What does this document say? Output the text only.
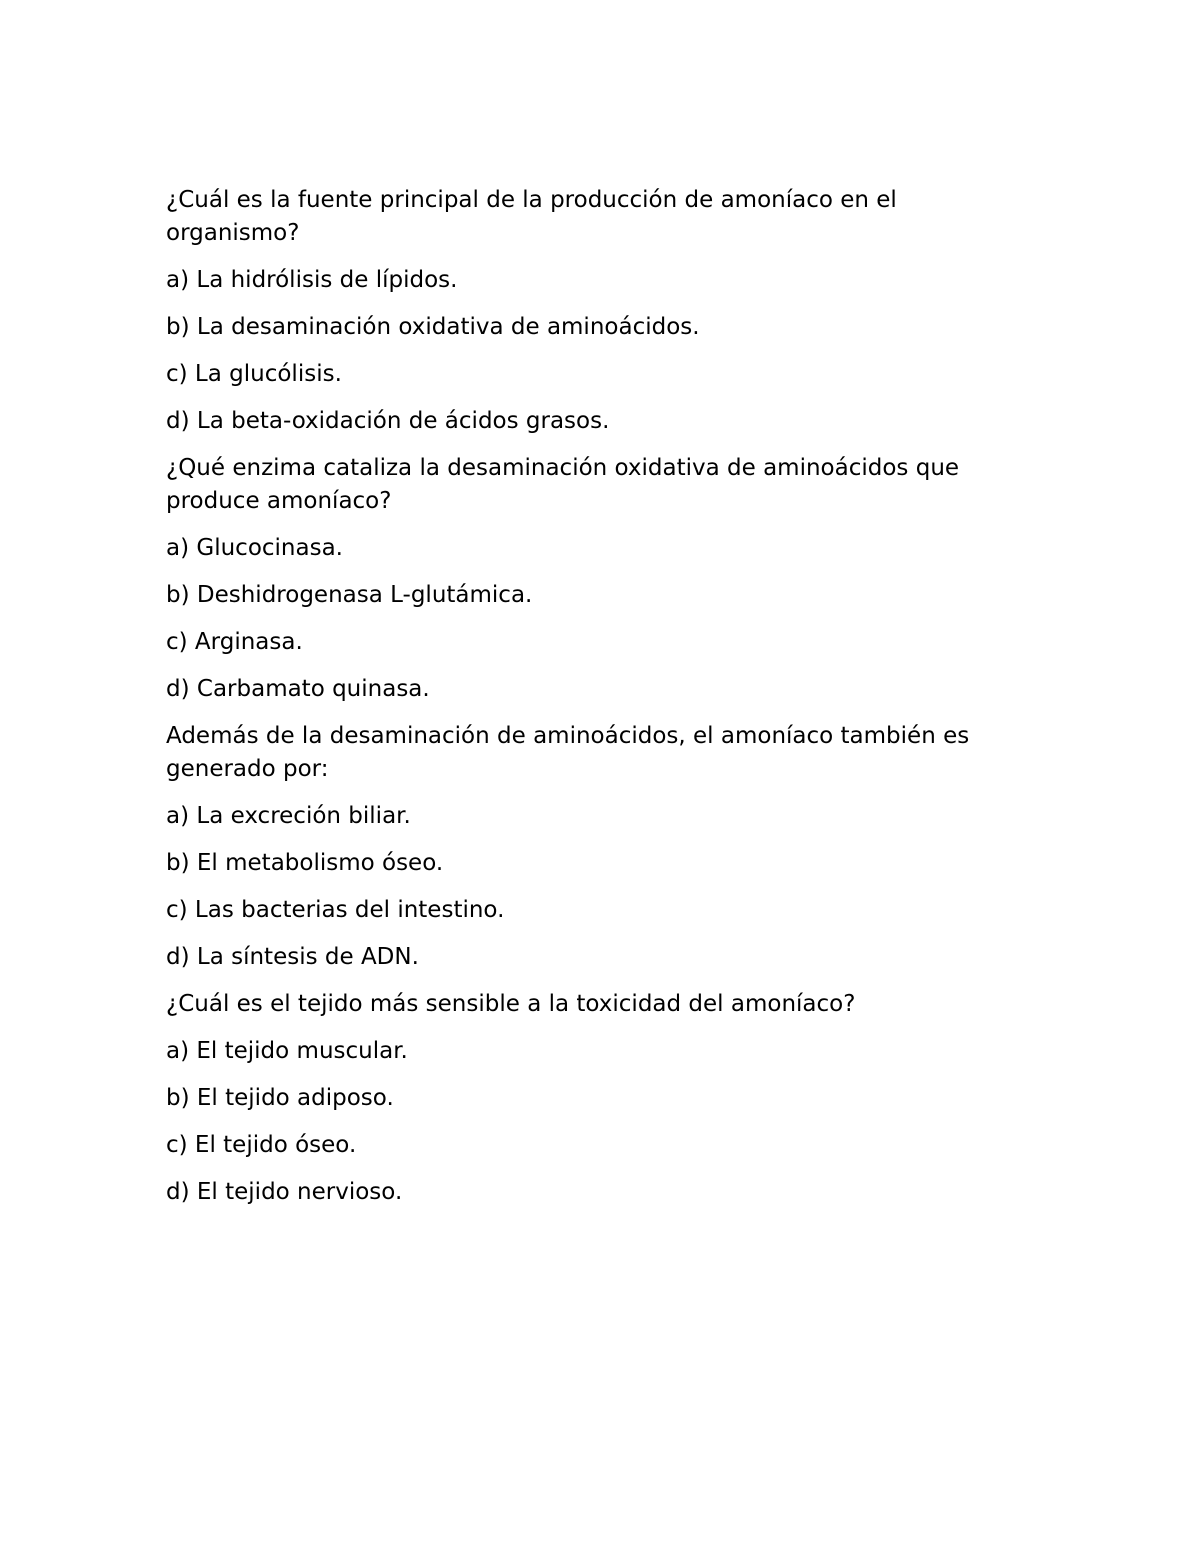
¿Cuál es la fuente principal de la producción de amoníaco en el organismo?

a) La hidrólisis de lípidos.

b) La desaminación oxidativa de aminoácidos.

c) La glucólisis.

d) La beta-oxidación de ácidos grasos.

¿Qué enzima cataliza la desaminación oxidativa de aminoácidos que produce amoníaco?

a) Glucocinasa.

b) Deshidrogenasa L-glutámica.

c) Arginasa.

d) Carbamato quinasa.

Además de la desaminación de aminoácidos, el amoníaco también es generado por:

a) La excreción biliar.

b) El metabolismo óseo.

c) Las bacterias del intestino.

d) La síntesis de ADN.

¿Cuál es el tejido más sensible a la toxicidad del amoníaco?

a) El tejido muscular.

b) El tejido adiposo.

c) El tejido óseo.

d) El tejido nervioso.
